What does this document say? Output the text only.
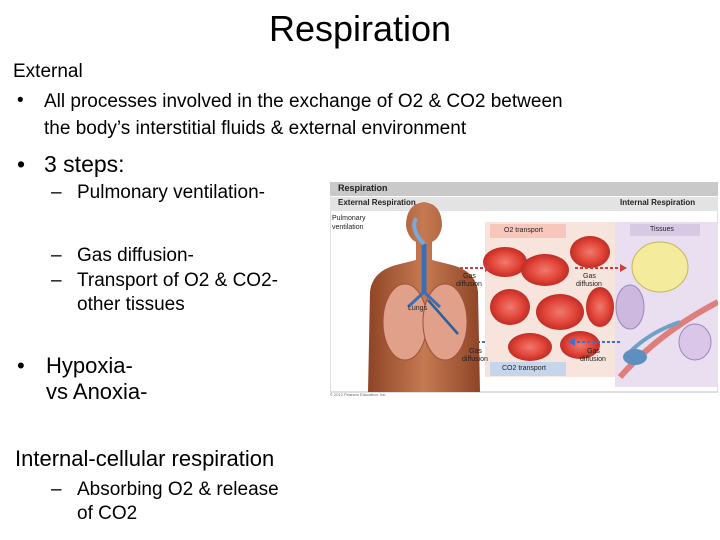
Respiration
External
• All processes involved in the exchange of O2 & CO2 between
the body’s interstitial fluids & external environment
• 3 steps:
– Pulmonary ventilation-
– Gas diffusion-
– Transport of O2 & CO2-
other tissues
• Hypoxia-
vs Anoxia-
Internal-cellular respiration
– Absorbing O2 & release
of CO2
Respiration
External Respiration	Internal Respiration
Pulmonary
ventilation
Lungs
O2 transport
CO2 transport
Tissues
Gas
diffusion
Gas
diffusion
Gas
diffusion
Gas
diffusion
© 2012 Pearson Education, Inc.
